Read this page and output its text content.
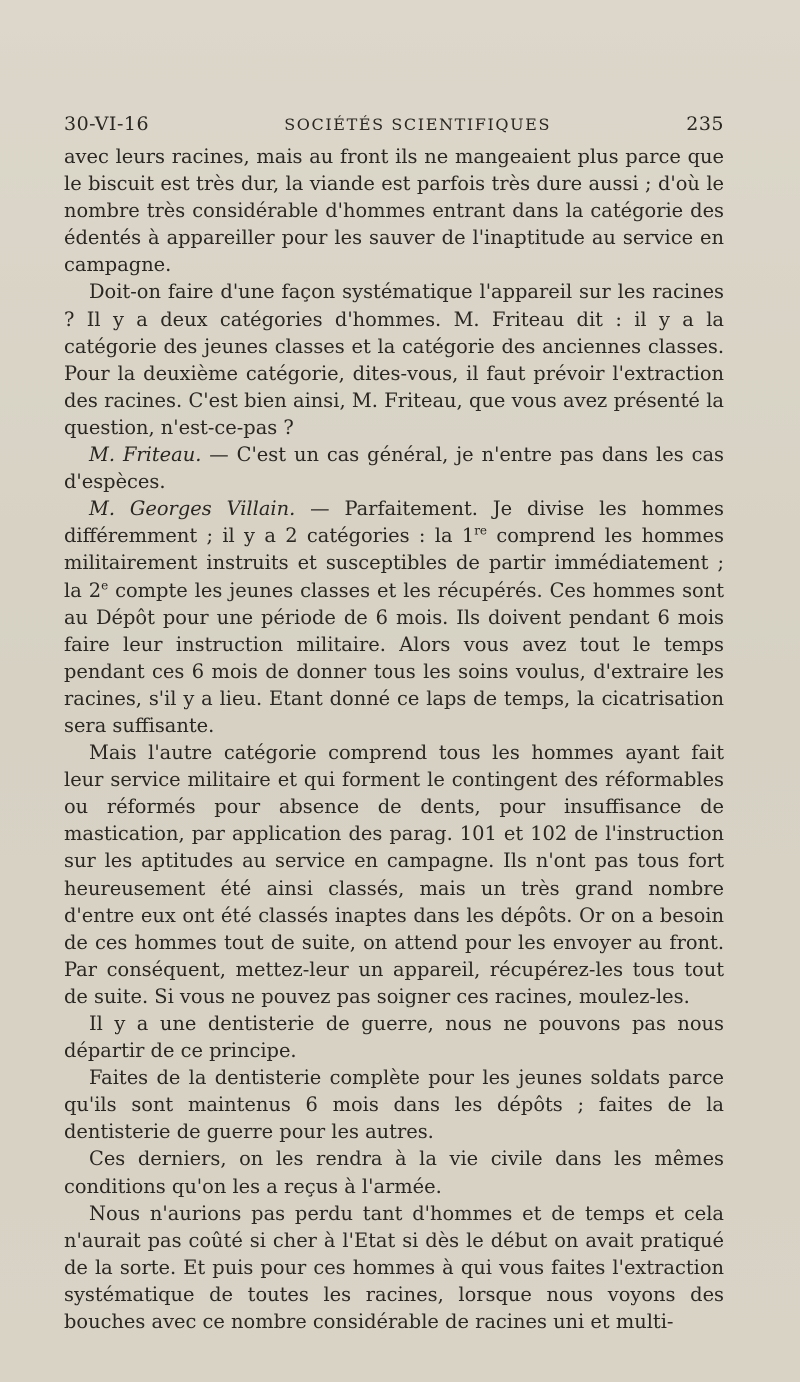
30-VI-16	SOCIÉTÉS SCIENTIFIQUES	235

avec leurs racines, mais au front ils ne mangeaient plus parce que le biscuit est très dur, la viande est parfois très dure aussi ; d'où le nombre très considérable d'hommes entrant dans la catégorie des édentés à appareiller pour les sauver de l'inaptitude au service en campagne.

Doit-on faire d'une façon systématique l'appareil sur les racines ? Il y a deux catégories d'hommes. M. Friteau dit : il y a la catégorie des jeunes classes et la catégorie des anciennes classes. Pour la deuxième catégorie, dites-vous, il faut prévoir l'extraction des racines. C'est bien ainsi, M. Friteau, que vous avez présenté la question, n'est-ce-pas ?

M. Friteau. — C'est un cas général, je n'entre pas dans les cas d'espèces.

M. Georges Villain. — Parfaitement. Je divise les hommes différemment ; il y a 2 catégories : la 1re comprend les hommes militairement instruits et susceptibles de partir immédiatement ; la 2e compte les jeunes classes et les récupérés. Ces hommes sont au Dépôt pour une période de 6 mois. Ils doivent pendant 6 mois faire leur instruction militaire. Alors vous avez tout le temps pendant ces 6 mois de donner tous les soins voulus, d'extraire les racines, s'il y a lieu. Etant donné ce laps de temps, la cicatrisation sera suffisante.

Mais l'autre catégorie comprend tous les hommes ayant fait leur service militaire et qui forment le contingent des réformables ou réformés pour absence de dents, pour insuffisance de mastication, par application des parag. 101 et 102 de l'instruction sur les aptitudes au service en campagne. Ils n'ont pas tous fort heureusement été ainsi classés, mais un très grand nombre d'entre eux ont été classés inaptes dans les dépôts. Or on a besoin de ces hommes tout de suite, on attend pour les envoyer au front. Par conséquent, mettez-leur un appareil, récupérez-les tous tout de suite. Si vous ne pouvez pas soigner ces racines, moulez-les.

Il y a une dentisterie de guerre, nous ne pouvons pas nous départir de ce principe.

Faites de la dentisterie complète pour les jeunes soldats parce qu'ils sont maintenus 6 mois dans les dépôts ; faites de la dentisterie de guerre pour les autres.

Ces derniers, on les rendra à la vie civile dans les mêmes conditions qu'on les a reçus à l'armée.

Nous n'aurions pas perdu tant d'hommes et de temps et cela n'aurait pas coûté si cher à l'Etat si dès le début on avait pratiqué de la sorte. Et puis pour ces hommes à qui vous faites l'extraction systématique de toutes les racines, lorsque nous voyons des bouches avec ce nombre considérable de racines uni et multi-
